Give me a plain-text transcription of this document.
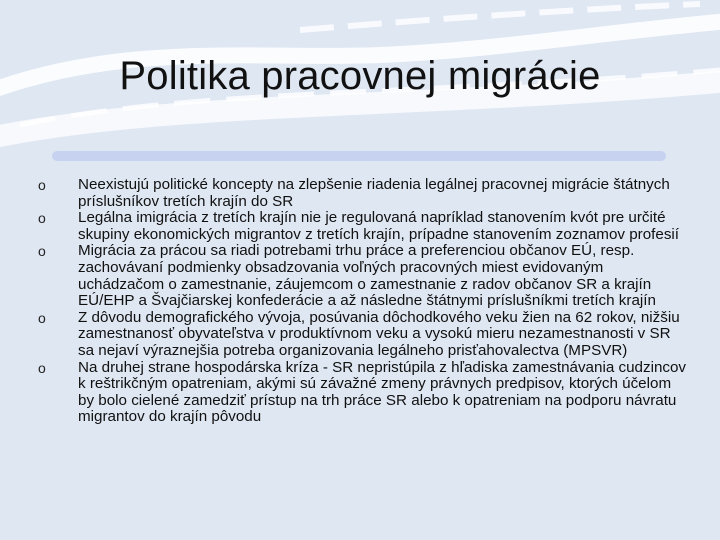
Politika pracovnej migrácie
o Neexistujú politické koncepty na zlepšenie riadenia legálnej pracovnej migrácie štátnych príslušníkov tretích krajín do SR
o Legálna imigrácia z tretích krajín nie je regulovaná napríklad stanovením kvót pre určité skupiny ekonomických migrantov z tretích krajín, prípadne stanovením zoznamov profesií
o Migrácia za prácou sa riadi potrebami trhu práce a preferenciou občanov EÚ, resp. zachovávaní podmienky obsadzovania voľných pracovných miest evidovaným uchádzačom o zamestnanie, záujemcom o zamestnanie z radov občanov SR a krajín EÚ/EHP a Švajčiarskej konfederácie a až následne štátnymi príslušníkmi tretích krajín
o Z dôvodu demografického vývoja, posúvania dôchodkového veku žien na 62 rokov, nižšiu zamestnanosť obyvateľstva v produktívnom veku a vysokú mieru nezamestnanosti v SR sa nejaví výraznejšia potreba organizovania legálneho prisťahovalectva (MPSVR)
o Na druhej strane hospodárska kríza - SR nepristúpila z hľadiska zamestnávania cudzincov k reštrikčným opatreniam, akými sú závažné zmeny právnych predpisov, ktorých účelom by bolo cielené zamedziť prístup na trh práce SR alebo k opatreniam na podporu návratu migrantov do krajín pôvodu
